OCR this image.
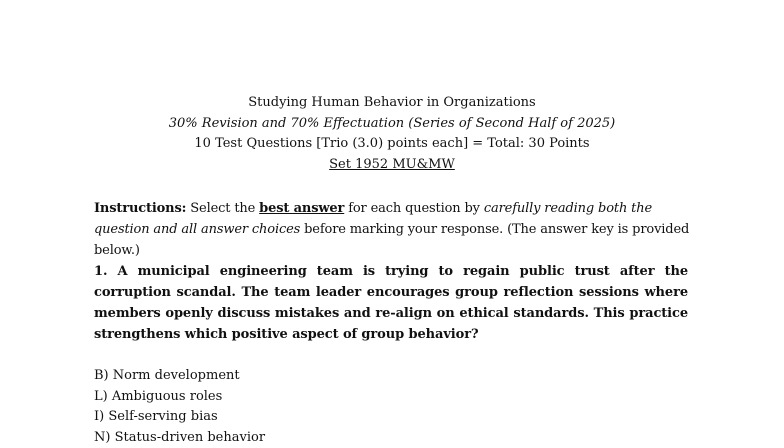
Studying Human Behavior in Organizations
30% Revision and 70% Effectuation (Series of Second Half of 2025)
10 Test Questions [Trio (3.0) points each] = Total: 30 Points
Set 1952 MU&MW
Instructions: Select the best answer for each question by carefully reading both the question and all answer choices before marking your response. (The answer key is provided below.)
1. A municipal engineering team is trying to regain public trust after the corruption scandal. The team leader encourages group reflection sessions where members openly discuss mistakes and re-align on ethical standards. This practice strengthens which positive aspect of group behavior?
B) Norm development
L) Ambiguous roles
I) Self-serving bias
N) Status-driven behavior
